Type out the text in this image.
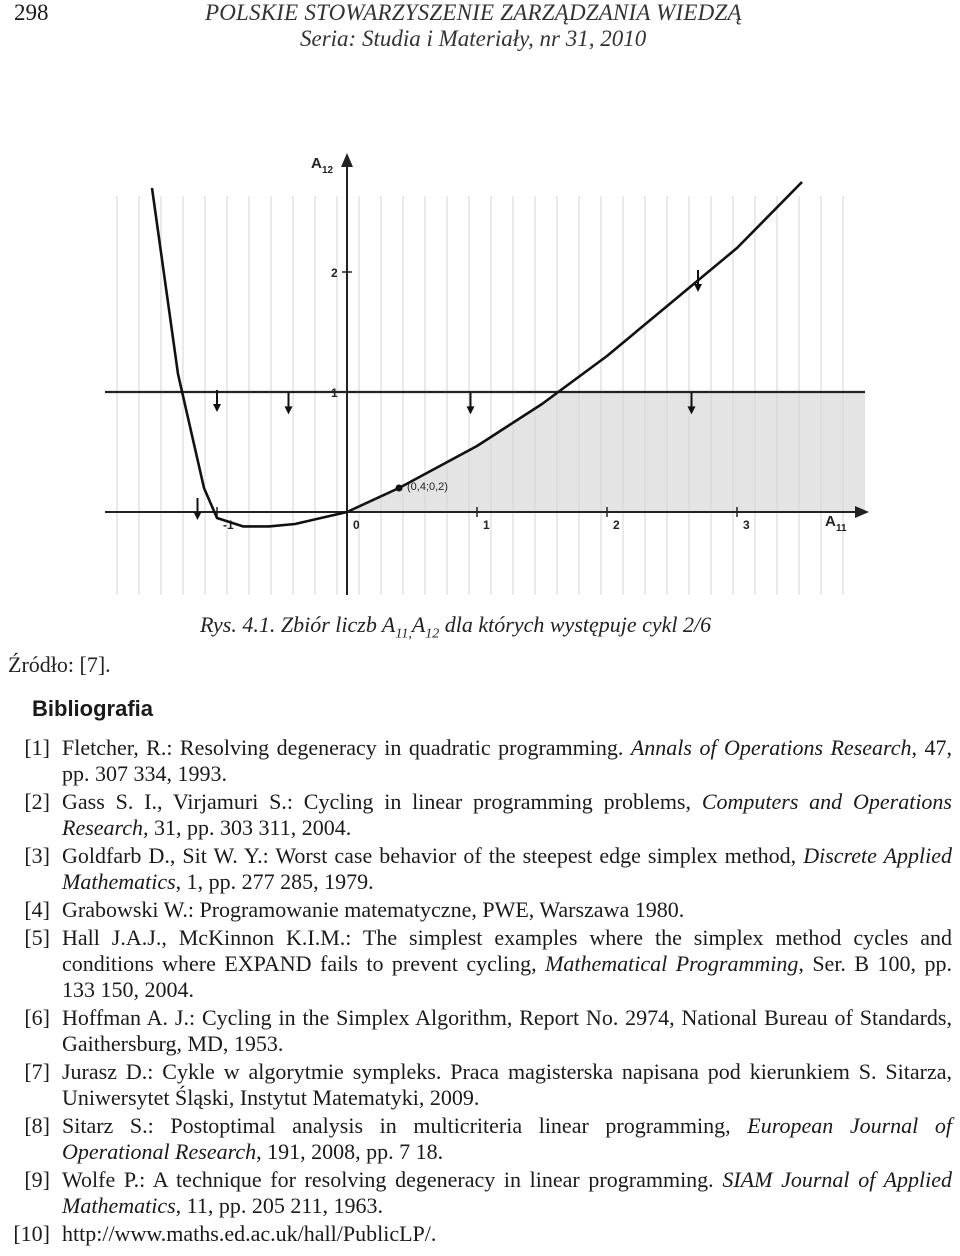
298	POLSKIE STOWARZYSZENIE ZARZĄDZANIA WIEDZĄ
Seria: Studia i Materiały, nr 31, 2010
-1	0	1	2	3
1
2
A 12
A 11
(0,4;0,2)
Rys. 4.1. Zbiór liczb $A_{11,}A_{12}$ dla których występuje cykl 2/6
Źródło: [7].
Bibliografia
[1] Fletcher, R.: Resolving degeneracy in quadratic programming. Annals of Operations Research, 47, pp. 307 334, 1993.
[2] Gass S. I., Virjamuri S.: Cycling in linear programming problems, Computers and Operations Research, 31, pp. 303 311, 2004.
[3] Goldfarb D., Sit W. Y.: Worst case behavior of the steepest edge simplex method, Discrete Applied Mathematics, 1, pp. 277 285, 1979.
[4] Grabowski W.: Programowanie matematyczne, PWE, Warszawa 1980.
[5] Hall J.A.J., McKinnon K.I.M.: The simplest examples where the simplex method cycles and conditions where EXPAND fails to prevent cycling, Mathematical Programming, Ser. B 100, pp. 133 150, 2004.
[6] Hoffman A. J.: Cycling in the Simplex Algorithm, Report No. 2974, National Bureau of Standards, Gaithersburg, MD, 1953.
[7] Jurasz D.: Cykle w algorytmie sympleks. Praca magisterska napisana pod kierunkiem S. Sitarza, Uniwersytet Śląski, Instytut Matematyki, 2009.
[8] Sitarz S.: Postoptimal analysis in multicriteria linear programming, European Journal of Operational Research, 191, 2008, pp. 7 18.
[9] Wolfe P.: A technique for resolving degeneracy in linear programming. SIAM Journal of Applied Mathematics, 11, pp. 205 211, 1963.
[10] http://www.maths.ed.ac.uk/hall/PublicLP/.
